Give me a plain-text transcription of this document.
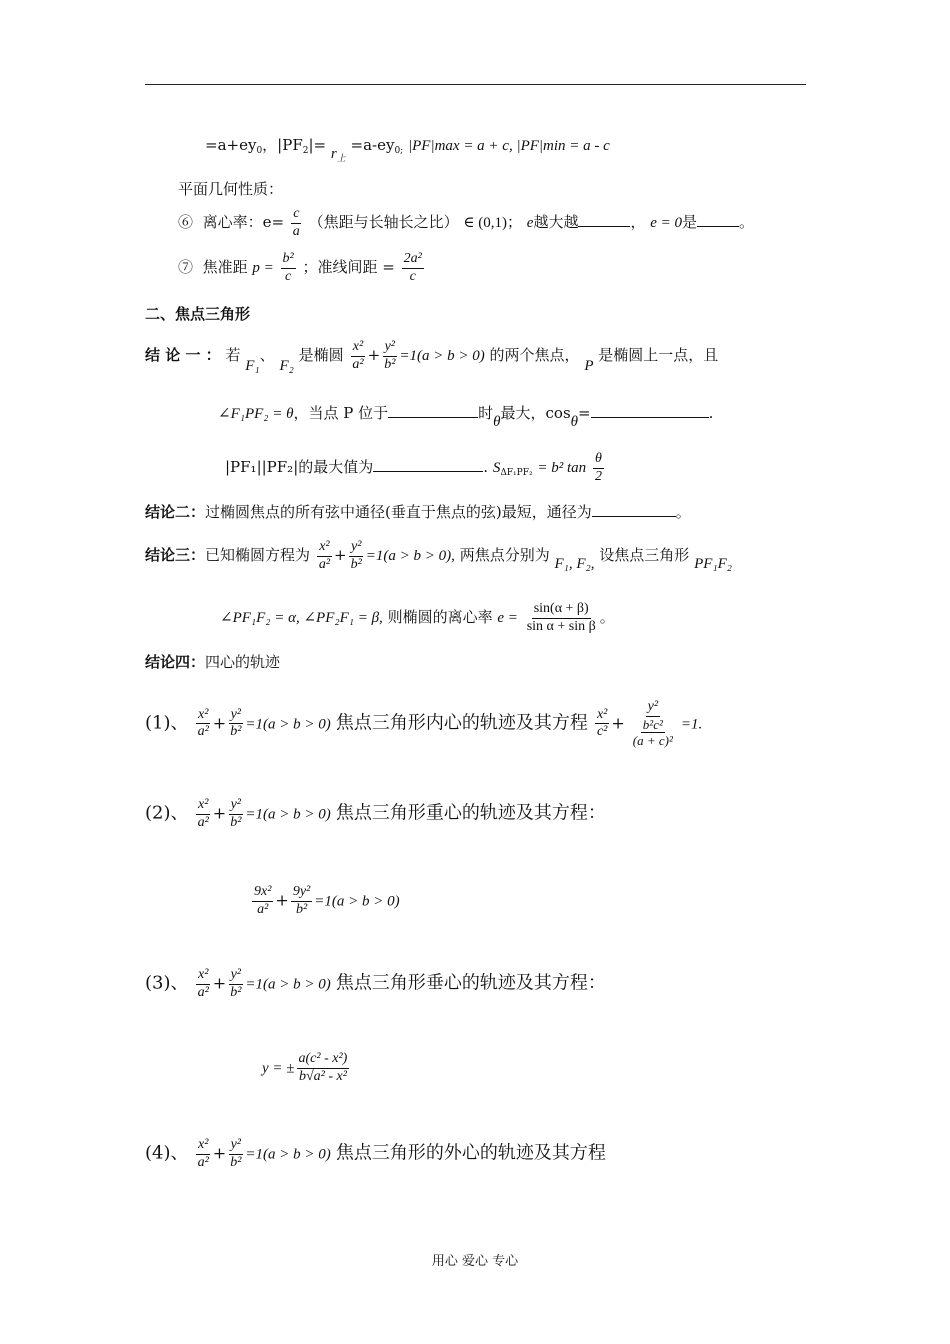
$=a+ey_0$，$|PF_2|= r_上 =a-ey_{0;}$ |PF|max = a + c, |PF|min = a - c
平面几何性质：
⑥ 离心率：$e= \frac{c}{a}$ （焦距与长轴长之比） ∈ (0,1)； e越大越	， e = 0是	。
⑦ 焦准距 $p = \frac{\text{b²}}{c}$ ；准线间距 = $\frac{\text{2a²}}{c}$
二、焦点三角形
结 论 一 ： 若 F₁、 F₂ 是椭圆 $\frac{\text{x²}}{\text{a²}} + \frac{\text{y²}}{\text{b²}} =1(a > b > 0)$ 的两个焦点， P 是椭圆上一点，且
∠F₁PF₂ = θ，当点 P 位于	时θ最大，cosθ=	.
|PF₁||PF₂|的最大值为	. $S_{\Delta F_1PF_2} = b^2$ $\tan \frac{\theta}{2}$
结论二：过椭圆焦点的所有弦中通径(垂直于焦点的弦)最短，通径为	。
结论三：已知椭圆方程为 $\frac{\text{x²}}{\text{a²}} + \frac{\text{y²}}{\text{b²}} =1(a > b > 0)$, 两焦点分别为 F₁, F₂, 设焦点三角形 PF₁F₂
∠PF₁F₂ = α, ∠PF₂F₁ = β, 则椭圆的离心率 $e = \frac{\sin(\alpha + \beta)}{\text{sin α + sin β}}$ 。
结论四：四心的轨迹
(1)、 $\frac{\text{x²}}{\text{a²}} + \frac{\text{y²}}{\text{b²}} =1(a > b > 0)$ 焦点三角形内心的轨迹及其方程 $\frac{\text{x²}}{\text{c²}} + \frac{\text{y²}}{\frac{\text{b²c²}}{\text{(a + c)²}}} =1$.
(2)、 $\frac{\text{x²}}{\text{a²}} + \frac{\text{y²}}{\text{b²}} =1(a > b > 0)$ 焦点三角形重心的轨迹及其方程：
$\frac{\text{9x²}}{\text{a²}} + \frac{\text{9y²}}{\text{b²}} =1(a > b > 0)$
(3)、 $\frac{\text{x²}}{\text{a²}} + \frac{\text{y²}}{\text{b²}} =1(a > b > 0)$ 焦点三角形垂心的轨迹及其方程：
y = ± $\frac{\text{a(c² - x²)}}{\text{b√a² - x²}}$
(4)、 $\frac{\text{x²}}{\text{a²}} + \frac{\text{y²}}{\text{b²}} =1(a > b > 0)$ 焦点三角形的外心的轨迹及其方程
用心 爱心 专心
